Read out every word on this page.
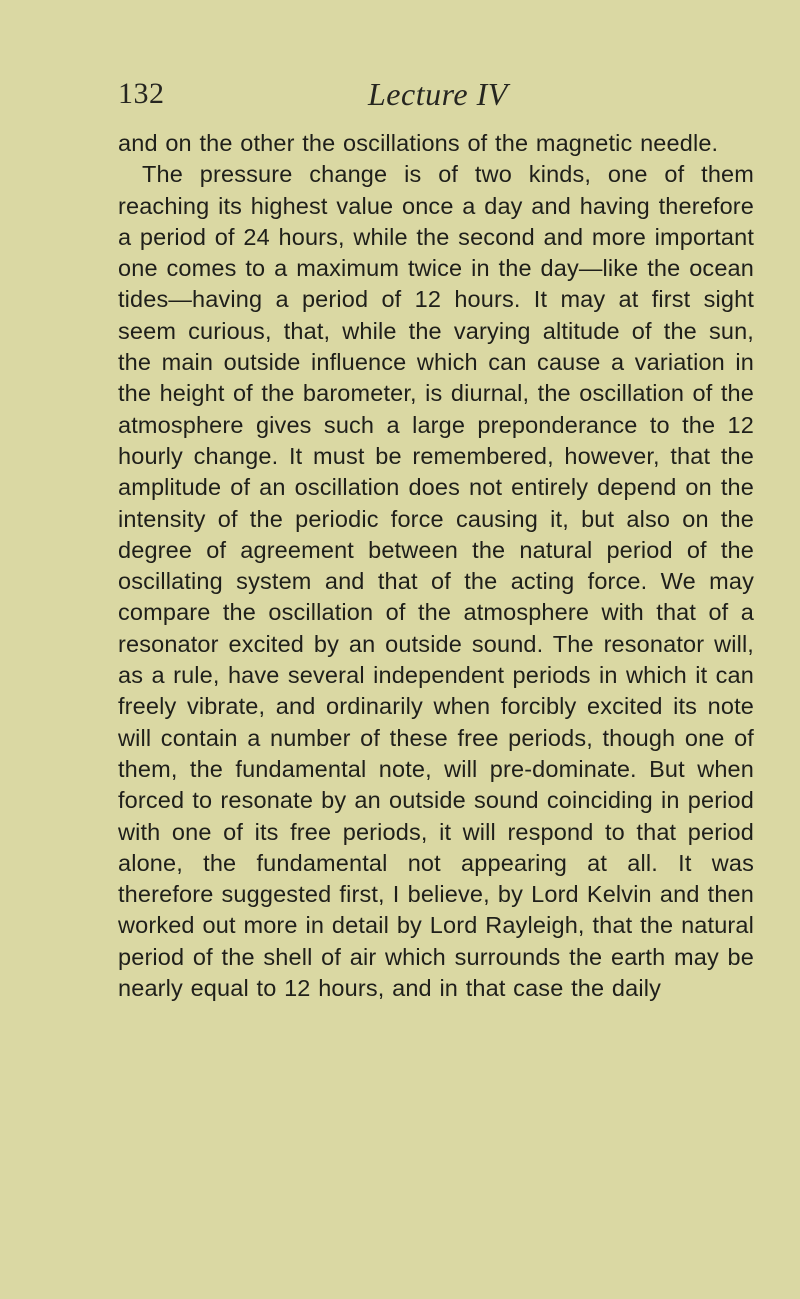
132	Lecture IV

and on the other the oscillations of the magnetic needle.

The pressure change is of two kinds, one of them reaching its highest value once a day and having therefore a period of 24 hours, while the second and more important one comes to a maximum twice in the day—like the ocean tides—having a period of 12 hours. It may at first sight seem curious, that, while the varying altitude of the sun, the main outside influence which can cause a variation in the height of the barometer, is diurnal, the oscillation of the atmosphere gives such a large preponderance to the 12 hourly change. It must be remembered, however, that the amplitude of an oscillation does not entirely depend on the intensity of the periodic force causing it, but also on the degree of agreement between the natural period of the oscillating system and that of the acting force. We may compare the oscillation of the atmosphere with that of a resonator excited by an outside sound. The resonator will, as a rule, have several independent periods in which it can freely vibrate, and ordinarily when forcibly excited its note will contain a number of these free periods, though one of them, the fundamental note, will pre-dominate. But when forced to resonate by an outside sound coinciding in period with one of its free periods, it will respond to that period alone, the fundamental not appearing at all. It was therefore suggested first, I believe, by Lord Kelvin and then worked out more in detail by Lord Rayleigh, that the natural period of the shell of air which surrounds the earth may be nearly equal to 12 hours, and in that case the daily
